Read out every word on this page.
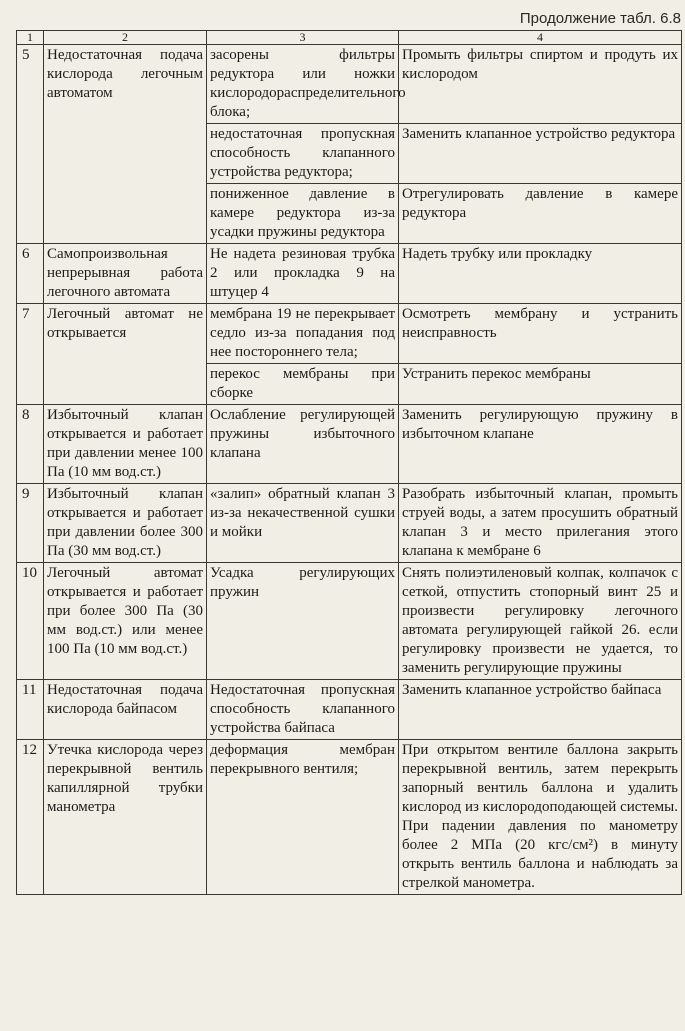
Продолжение табл. 6.8
1	2	3	4
5	Недостаточная подача кислорода легочным автоматом	засорены фильтры редуктора или ножки кислородораспределительного блока;	Промыть фильтры спиртом и продуть их кислородом
		недостаточная пропускная способность клапанного устройства редуктора;	Заменить клапанное устройство редуктора
		пониженное давление в камере редуктора из-за усадки пружины редуктора	Отрегулировать давление в камере редуктора
6	Самопроизвольная непрерывная работа легочного автомата	Не надета резиновая трубка 2 или прокладка 9 на штуцер 4	Надеть трубку или прокладку
7	Легочный автомат не открывается	мембрана 19 не перекрывает седло из-за попадания под нее постороннего тела;	Осмотреть мембрану и устранить неисправность
		перекос мембраны при сборке	Устранить перекос мембраны
8	Избыточный клапан открывается и работает при давлении менее 100 Па (10 мм вод.ст.)	Ослабление регулирующей пружины избыточного клапана	Заменить регулирующую пружину в избыточном клапане
9	Избыточный клапан открывается и работает при давлении более 300 Па (30 мм вод.ст.)	«залип» обратный клапан 3 из-за некачественной сушки и мойки	Разобрать избыточный клапан, промыть струей воды, а затем просушить обратный клапан 3 и место прилегания этого клапана к мембране 6
10	Легочный автомат открывается и работает при более 300 Па (30 мм вод.ст.) или менее 100 Па (10 мм вод.ст.)	Усадка регулирующих пружин	Снять полиэтиленовый колпак, колпачок с сеткой, отпустить стопорный винт 25 и произвести регулировку легочного автомата регулирующей гайкой 26. если регулировку произвести не удается, то заменить регулирующие пружины
11	Недостаточная подача кислорода байпасом	Недостаточная пропускная способность клапанного устройства байпаса	Заменить клапанное устройство байпаса
12	Утечка кислорода через перекрывной вентиль капиллярной трубки манометра	деформация мембран перекрывного вентиля;	При открытом вентиле баллона закрыть перекрывной вентиль, затем перекрыть запорный вентиль баллона и удалить кислород из кислородоподающей системы. При падении давления по манометру более 2 МПа (20 кгс/см²) в минуту открыть вентиль баллона и наблюдать за стрелкой манометра.
